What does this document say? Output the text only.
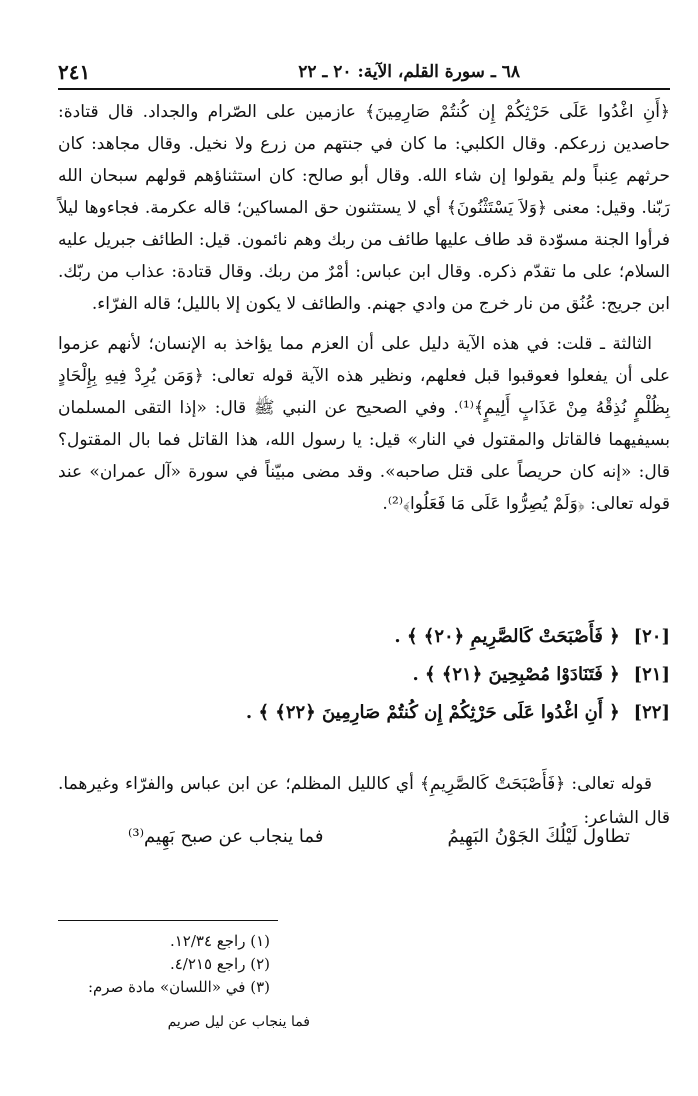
٦٨ ـ سورة القلم، الآية: ٢٠ ـ ٢٢
٢٤١

﴿أَنِ اغْدُوا عَلَى حَرْثِكُمْ إِن كُنتُمْ صَارِمِينَ﴾ عازمين على الصّرام والجداد. قال قتادة: حاصدين زرعكم. وقال الكلبي: ما كان في جنتهم من زرع ولا نخيل. وقال مجاهد: كان حرثهم عِنباً ولم يقولوا إن شاء الله. وقال أبو صالح: كان استثناؤهم قولهم سبحان الله رَبّنا. وقيل: معنى ﴿وَلاَ يَسْتَثْنُونَ﴾ أي لا يستثنون حق المساكين؛ قاله عكرمة. فجاءوها ليلاً فرأوا الجنة مسوّدة قد طاف عليها طائف من ربك وهم نائمون. قيل: الطائف جبريل عليه السلام؛ على ما تقدّم ذكره. وقال ابن عباس: أمْرٌ من ربك. وقال قتادة: عذاب من ربّك. ابن جريج: عُنُق من نار خرج من وادي جهنم. والطائف لا يكون إلا بالليل؛ قاله الفرّاء.

الثالثة ـ قلت: في هذه الآية دليل على أن العزم مما يؤاخذ به الإنسان؛ لأنهم عزموا على أن يفعلوا فعوقبوا قبل فعلهم، ونظير هذه الآية قوله تعالى: ﴿وَمَن يُرِدْ فِيهِ بِإِلْحَادٍ بِظُلْمٍ نُذِقْهُ مِنْ عَذَابٍ أَلِيمٍ﴾⁽¹⁾. وفي الصحيح عن النبي ﷺ قال: «إذا التقى المسلمان بسيفيهما فالقاتل والمقتول في النار» قيل: يا رسول الله، هذا القاتل فما بال المقتول؟ قال: «إنه كان حريصاً على قتل صاحبه». وقد مضى مبيّناً في سورة «آل عمران» عند قوله تعالى: ﴿وَلَمْ يُصِرُّوا عَلَى مَا فَعَلُوا﴾⁽²⁾.

[٢٠] ﴿ فَأَصْبَحَتْ كَالصَّرِيمِ ﴿٢٠﴾ ﴾ .
[٢١] ﴿ فَتَنَادَوْا مُصْبِحِينَ ﴿٢١﴾ ﴾ .
[٢٢] ﴿ أَنِ اغْدُوا عَلَى حَرْثِكُمْ إِن كُنتُمْ صَارِمِينَ ﴿٢٢﴾ ﴾ .

قوله تعالى: ﴿فَأَصْبَحَتْ كَالصَّرِيمِ﴾ أي كالليل المظلم؛ عن ابن عباس والفرّاء وغيرهما. قال الشاعر:

تطاول لَيْلُكَ الجَوْنُ البَهِيمُ
فما ينجاب عن صبح بَهِيم⁽³⁾
(١) راجع ١٢/٣٤.
(٢) راجع ٤/٢١٥.
(٣) في «اللسان» مادة صرم:
فما ينجاب عن ليل صريم
